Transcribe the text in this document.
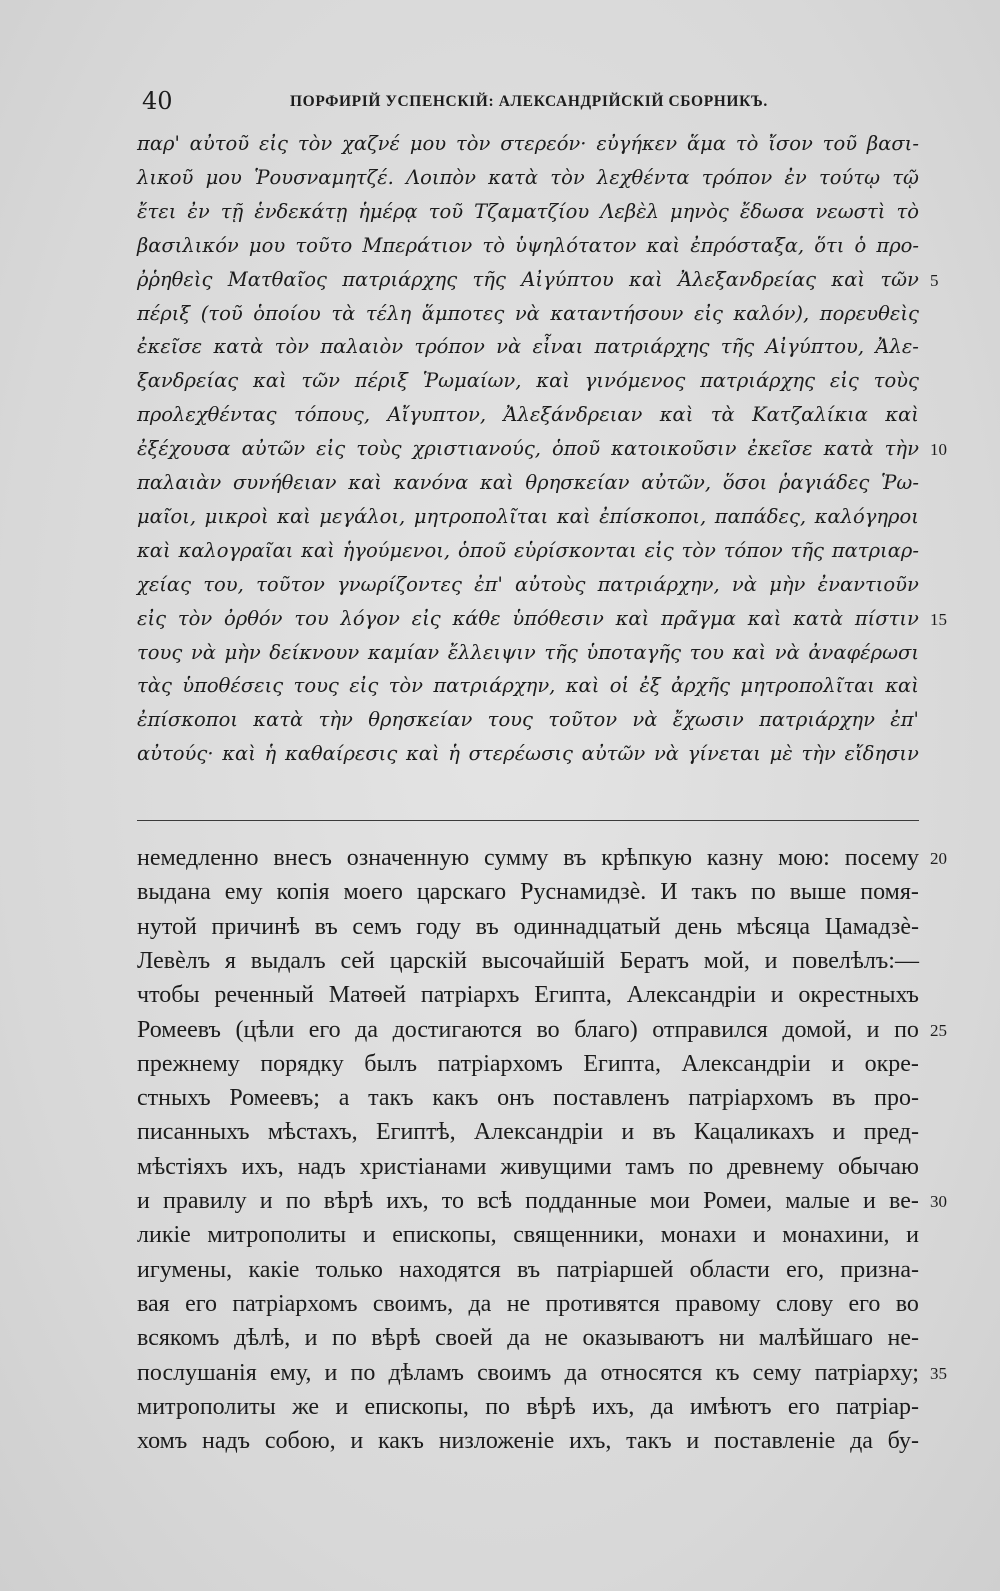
40	ПОРФИРІЙ УСПЕНСКІЙ: АЛЕКСАНДРІЙСКІЙ СБОРНИКЪ.
παρ' αὐτοῦ εἰς τὸν χαζνέ μου τὸν στερεόν· εὐγήκεν ἅμα τὸ ἴσον τοῦ βασι-
λικοῦ μου Ῥουσναμητζέ. Λοιπὸν κατὰ τὸν λεχθέντα τρόπον ἐν τούτῳ τῷ
ἔτει ἐν τῇ ἑνδεκάτῃ ἡμέρᾳ τοῦ Τζαματζίου Λεβὲλ μηνὸς ἔδωσα νεωστὶ τὸ
βασιλικόν μου τοῦτο Μπεράτιον τὸ ὑψηλότατον καὶ ἐπρόσταξα, ὅτι ὁ προ-
ῤῥηθεὶς Ματθαῖος πατριάρχης τῆς Αἰγύπτου καὶ Ἀλεξανδρείας καὶ τῶν
πέριξ (τοῦ ὁποίου τὰ τέλη ἅμποτες νὰ καταντήσουν εἰς καλόν), πορευθεὶς
ἐκεῖσε κατὰ τὸν παλαιὸν τρόπον νὰ εἶναι πατριάρχης τῆς Αἰγύπτου, Ἀλε-
ξανδρείας καὶ τῶν πέριξ Ῥωμαίων, καὶ γινόμενος πατριάρχης εἰς τοὺς
προλεχθέντας τόπους, Αἴγυπτον, Ἀλεξάνδρειαν καὶ τὰ Κατζαλίκια καὶ
ἐξέχουσα αὐτῶν εἰς τοὺς χριστιανούς, ὁποῦ κατοικοῦσιν ἐκεῖσε κατὰ τὴν
παλαιὰν συνήθειαν καὶ κανόνα καὶ θρησκείαν αὐτῶν, ὅσοι ῥαγιάδες Ῥω-
μαῖοι, μικροὶ καὶ μεγάλοι, μητροπολῖται καὶ ἐπίσκοποι, παπάδες, καλόγηροι
καὶ καλογραῖαι καὶ ἡγούμενοι, ὁποῦ εὑρίσκονται εἰς τὸν τόπον τῆς πατριαρ-
χείας του, τοῦτον γνωρίζοντες ἐπ' αὐτοὺς πατριάρχην, νὰ μὴν ἐναντιοῦν
εἰς τὸν ὀρθόν του λόγον εἰς κάθε ὑπόθεσιν καὶ πρᾶγμα καὶ κατὰ πίστιν
τους νὰ μὴν δείκνουν καμίαν ἔλλειψιν τῆς ὑποταγῆς του καὶ νὰ ἀναφέρωσι
τὰς ὑποθέσεις τους εἰς τὸν πατριάρχην, καὶ οἱ ἐξ ἀρχῆς μητροπολῖται καὶ
ἐπίσκοποι κατὰ τὴν θρησκείαν τους τοῦτον νὰ ἔχωσιν πατριάρχην ἐπ'
αὐτούς· καὶ ἡ καθαίρεσις καὶ ἡ στερέωσις αὐτῶν νὰ γίνεται μὲ τὴν εἴδησιν
немедленно внесъ означенную сумму въ крѣпкую казну мою: посему
выдана ему копія моего царскаго Руснамидзè. И такъ по выше помя-
нутой причинѣ въ семъ году въ одиннадцатый день мѣсяца Цамадзè-
Левѐлъ я выдалъ сей царскій высочайшій Бератъ мой, и повелѣлъ:—
чтобы реченный Матѳей патріархъ Египта, Александріи и окрестныхъ
Ромеевъ (цѣли его да достигаются во благо) отправился домой, и по
прежнему порядку былъ патріархомъ Египта, Александріи и окре-
стныхъ Ромеевъ; а такъ какъ онъ поставленъ патріархомъ въ про-
писанныхъ мѣстахъ, Египтѣ, Александріи и въ Кацаликахъ и пред-
мѣстіяхъ ихъ, надъ христіанами живущими тамъ по древнему обычаю
и правилу и по вѣрѣ ихъ, то всѣ подданные мои Ромеи, малые и ве-
ликіе митрополиты и епископы, священники, монахи и монахини, и
игумены, какіе только находятся въ патріаршей области его, призна-
вая его патріархомъ своимъ, да не противятся правому слову его во
всякомъ дѣлѣ, и по вѣрѣ своей да не оказываютъ ни малѣйшаго не-
послушанія ему, и по дѣламъ своимъ да относятся къ сему патріарху;
митрополиты же и епископы, по вѣрѣ ихъ, да имѣютъ его патріар-
хомъ надъ собою, и какъ низложеніе ихъ, такъ и поставленіе да бу-
5
10
15
20
25
30
35
